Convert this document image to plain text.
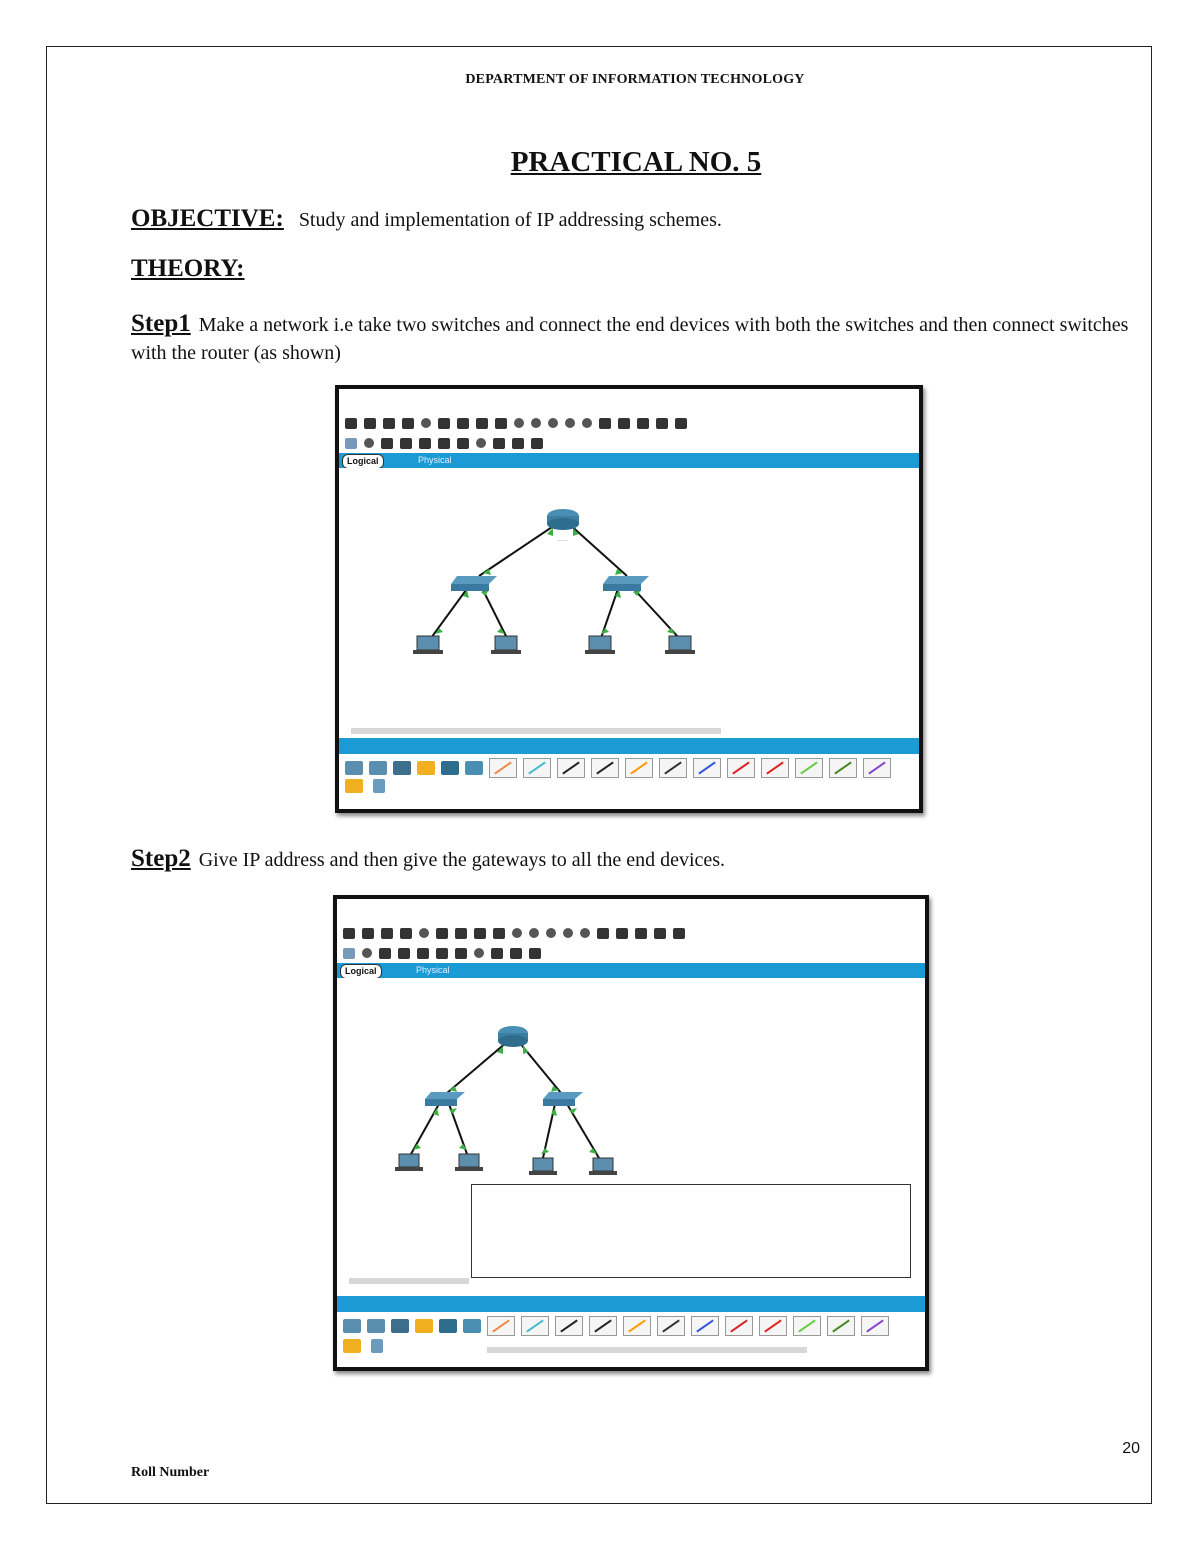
DEPARTMENT OF INFORMATION TECHNOLOGY
PRACTICAL NO. 5
OBJECTIVE: Study and implementation of IP addressing schemes.
THEORY:
Step1 Make a network i.e take two switches and connect the end devices with both the switches and then connect switches with the router (as shown)
Logical	Physical
·····
Step2 Give IP address and then give the gateways to all the end devices.
Logical	Physical
20
Roll Number
